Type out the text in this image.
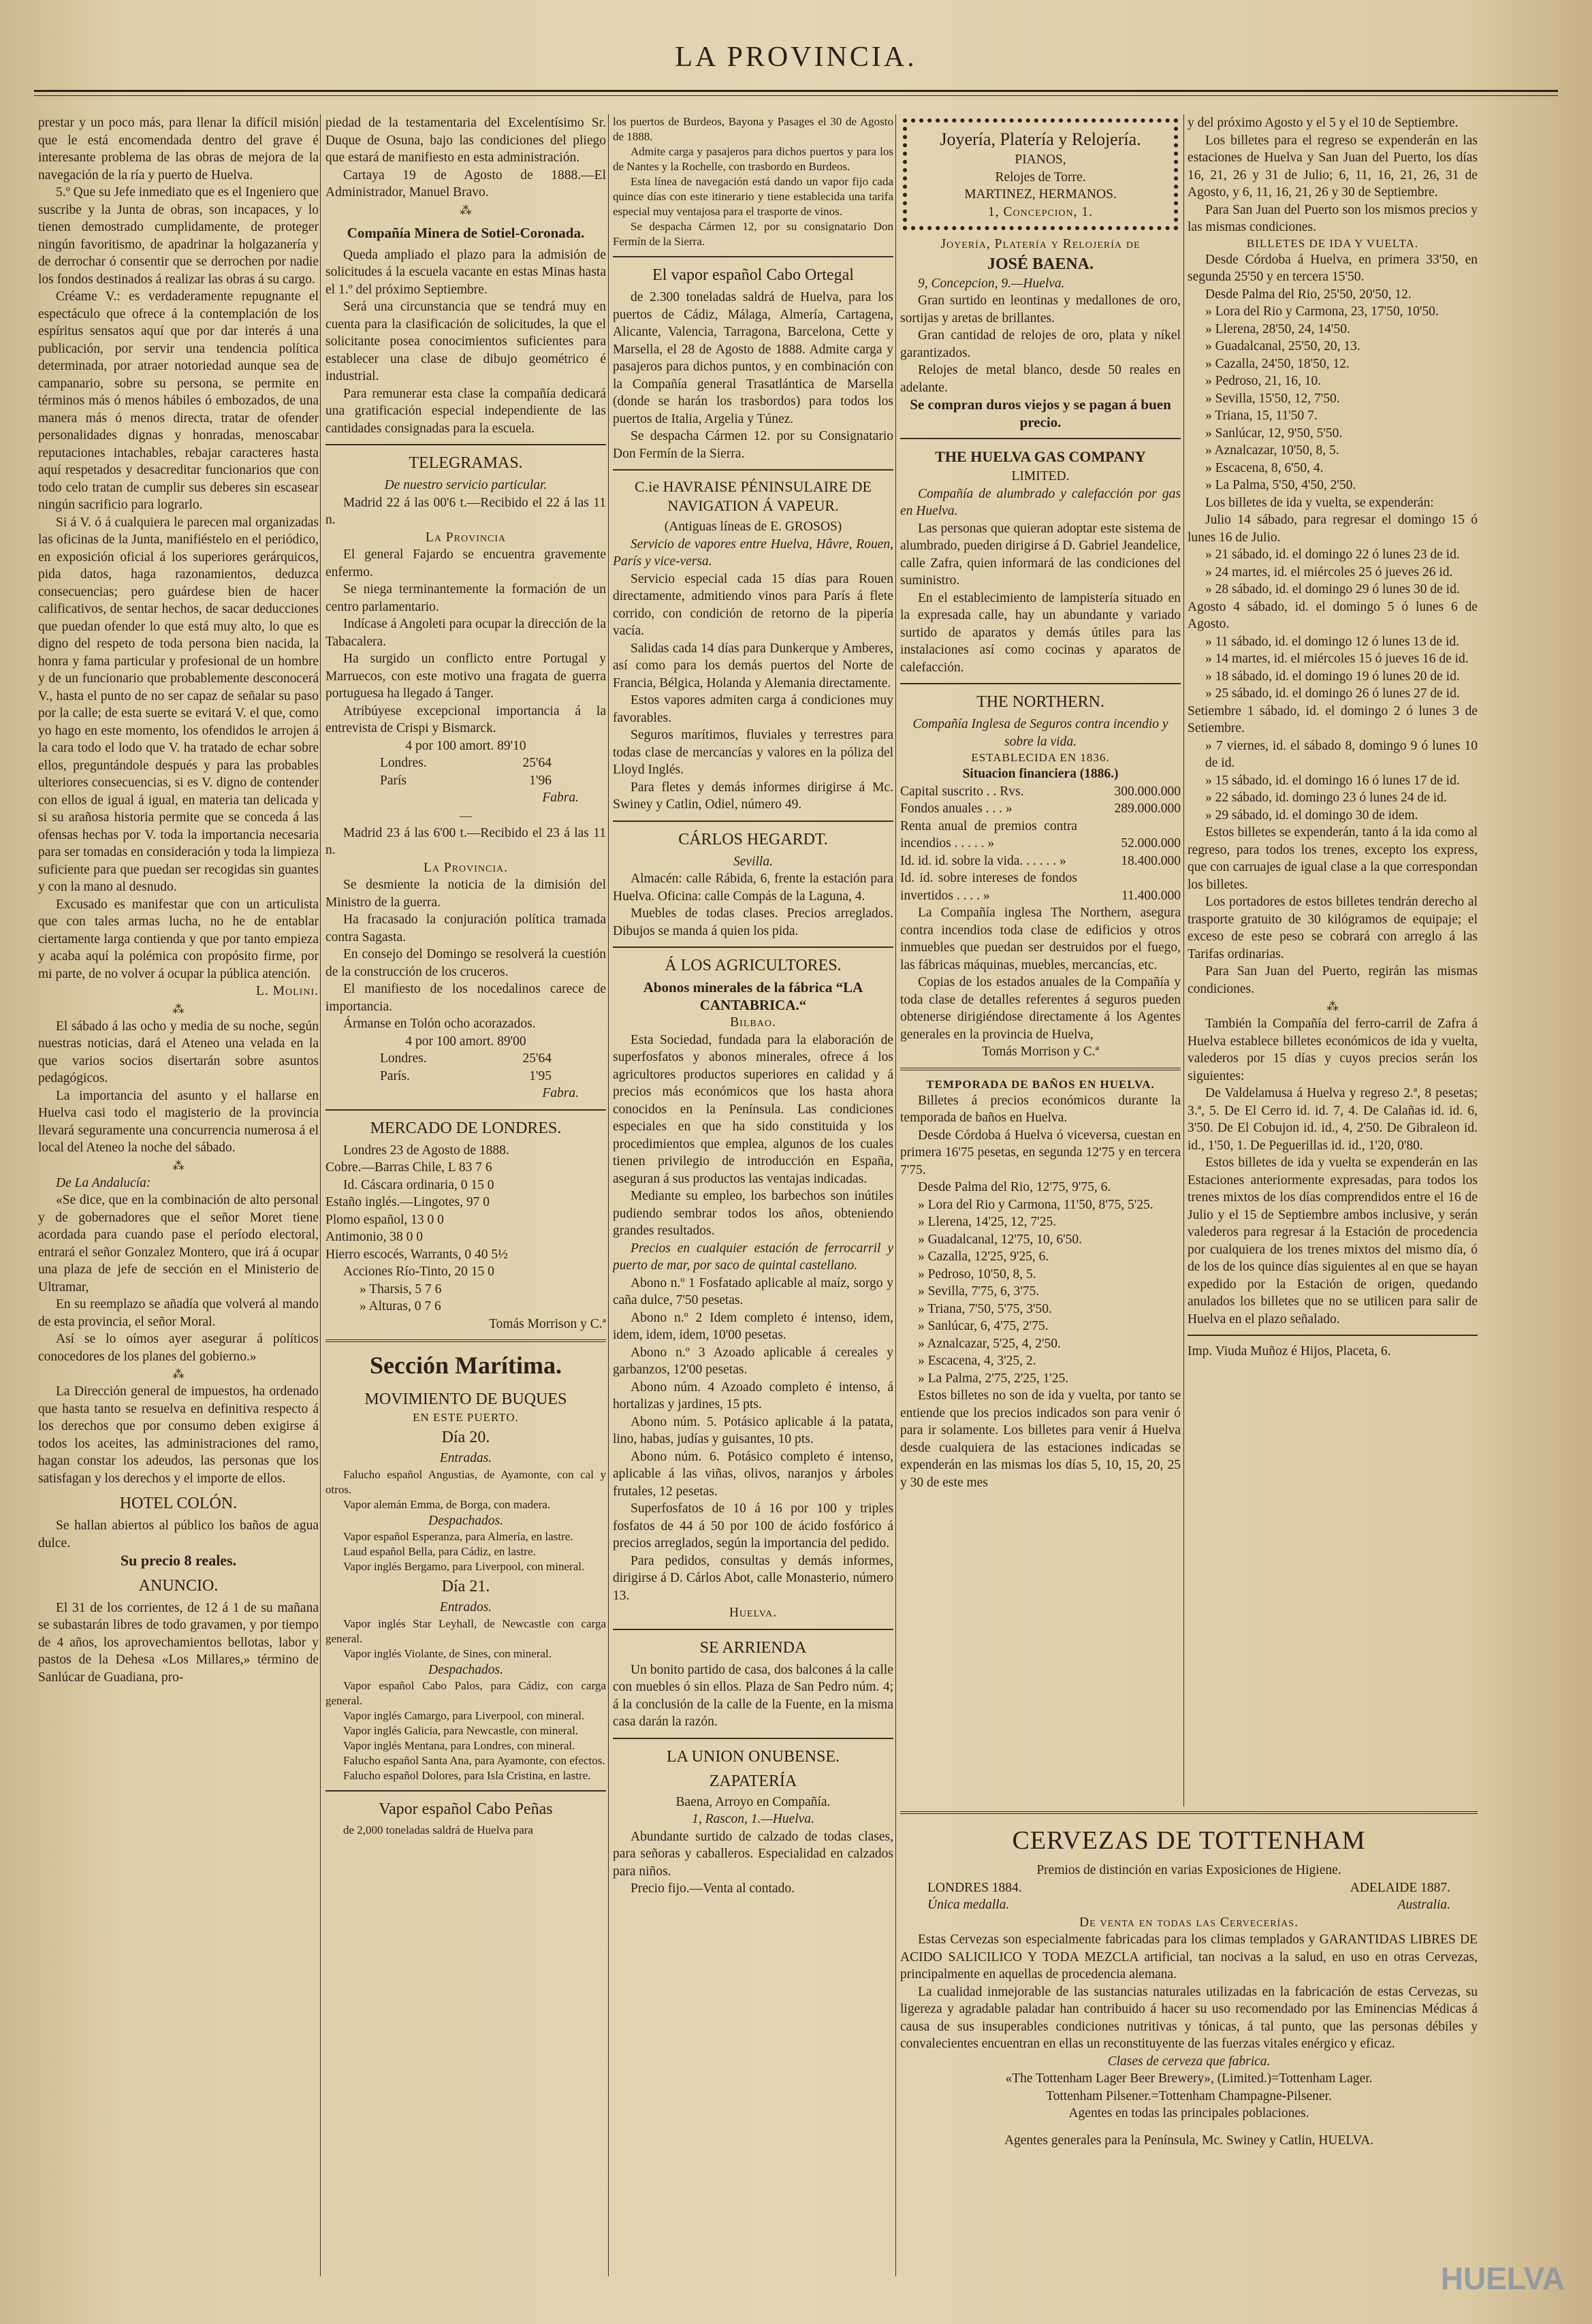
LA PROVINCIA.

prestar y un poco más, para llenar la difícil misión que le está encomendada dentro del grave é interesante problema de las obras de mejora de la navegación de la ría y puerto de Huelva.

5.º Que su Jefe inmediato que es el Ingeniero que suscribe y la Junta de obras, son incapaces, y lo tienen demostrado cumplidamente, de proteger ningún favoritismo, de apadrinar la holgazanería y de derrochar ó consentir que se derrochen por nadie los fondos destinados á realizar las obras á su cargo.

Créame V.: es verdaderamente repugnante el espectáculo que ofrece á la contemplación de los espíritus sensatos aquí que por dar interés á una publicación, por servir una tendencia política determinada, por atraer notoriedad aunque sea de campanario, sobre su persona, se permite en términos más ó menos hábiles ó embozados, de una manera más ó menos directa, tratar de ofender personalidades dignas y honradas, menoscabar reputaciones intachables, rebajar caracteres hasta aquí respetados y desacreditar funcionarios que con todo celo tratan de cumplir sus deberes sin escasear ningún sacrificio para lograrlo.

Si á V. ó á cualquiera le parecen mal organizadas las oficinas de la Junta, manifiéstelo en el periódico, en exposición oficial á los superiores gerárquicos, pida datos, haga razonamientos, deduzca consecuencias; pero guárdese bien de hacer calificativos, de sentar hechos, de sacar deducciones que puedan ofender lo que está muy alto, lo que es digno del respeto de toda persona bien nacida, la honra y fama particular y profesional de un hombre y de un funcionario que probablemente desconocerá V., hasta el punto de no ser capaz de señalar su paso por la calle; de esta suerte se evitará V. el que, como yo hago en este momento, los ofendidos le arrojen á la cara todo el lodo que V. ha tratado de echar sobre ellos, preguntándole después y para las probables ulteriores consecuencias, si es V. digno de contender con ellos de igual á igual, en materia tan delicada y si su arañosa historia permite que se conceda á las ofensas hechas por V. toda la importancia necesaria para ser tomadas en consideración y toda la limpieza suficiente para que puedan ser recogidas sin guantes y con la mano al desnudo.

Excusado es manifestar que con un articulista que con tales armas lucha, no he de entablar ciertamente larga contienda y que por tanto empieza y acaba aquí la polémica con propósito firme, por mi parte, de no volver á ocupar la pública atención.

L. Molini.
⁂

El sábado á las ocho y media de su noche, según nuestras noticias, dará el Ateneo una velada en la que varios socios disertarán sobre asuntos pedagógicos.

La importancia del asunto y el hallarse en Huelva casi todo el magisterio de la provincia llevará seguramente una concurrencia numerosa á el local del Ateneo la noche del sábado.

⁂

De La Andalucía:

«Se dice, que en la combinación de alto personal y de gobernadores que el señor Moret tiene acordada para cuando pase el período electoral, entrará el señor Gonzalez Montero, que irá á ocupar una plaza de jefe de sección en el Ministerio de Ultramar,

En su reemplazo se añadía que volverá al mando de esta provincia, el señor Moral.

Así se lo oímos ayer asegurar á políticos conocedores de los planes del gobierno.»

⁂

La Dirección general de impuestos, ha ordenado que hasta tanto se resuelva en definitiva respecto á los derechos que por consumo deben exigirse á todos los aceites, las administraciones del ramo, hagan constar los adeudos, las personas que los satisfagan y los derechos y el importe de ellos.

HOTEL COLÓN.

Se hallan abiertos al público los baños de agua dulce.

Su precio 8 reales.
ANUNCIO.

El 31 de los corrientes, de 12 á 1 de su mañana se subastarán libres de todo gravamen, y por tiempo de 4 años, los aprovechamientos bellotas, labor y pastos de la Dehesa «Los Millares,» término de Sanlúcar de Guadiana, pro-

piedad de la testamentaria del Excelentísimo Sr. Duque de Osuna, bajo las condiciones del pliego que estará de manifiesto en esta administración.

Cartaya 19 de Agosto de 1888.—El Administrador, Manuel Bravo.

⁂
Compañía Minera de Sotiel-Coronada.

Queda ampliado el plazo para la admisión de solicitudes á la escuela vacante en estas Minas hasta el 1.º del próximo Septiembre.

Será una circunstancia que se tendrá muy en cuenta para la clasificación de solicitudes, la que el solicitante posea conocimientos suficientes para establecer una clase de dibujo geométrico é industrial.

Para remunerar esta clase la compañía dedicará una gratificación especial independiente de las cantidades consignadas para la escuela.

TELEGRAMAS.
De nuestro servicio particular.

Madrid 22 á las 00'6 t.—Recibido el 22 á las 11 n.

La Provincia

El general Fajardo se encuentra gravemente enfermo.

Se niega terminantemente la formación de un centro parlamentario.

Indícase á Angoleti para ocupar la dirección de la Tabacalera.

Ha surgido un conflicto entre Portugal y Marruecos, con este motivo una fragata de guerra portuguesa ha llegado á Tanger.

Atribúyese excepcional importancia á la entrevista de Crispi y Bismarck.

4 por 100 amort. 89'10
Londres.	25'64
París	1'96
Fabra.
—

Madrid 23 á las 6'00 t.—Recibido el 23 á las 11 n.

La Provincia.

Se desmiente la noticia de la dimisión del Ministro de la guerra.

Ha fracasado la conjuración política tramada contra Sagasta.

En consejo del Domingo se resolverá la cuestión de la construcción de los cruceros.

El manifiesto de los nocedalinos carece de importancia.

Ármanse en Tolón ocho acorazados.

4 por 100 amort. 89'00
Londres.	25'64
París.	1'95
Fabra.
MERCADO DE LONDRES.

Londres 23 de Agosto de 1888.

Cobre.—Barras Chile, L 83 7 6
Id. Cáscara ordinaria, 0 15 0
Estaño inglés.—Lingotes, 97 0
Plomo español, 13 0 0
Antimonio, 38 0 0
Hierro escocés, Warrants, 0 40 5½
Acciones Río-Tinto, 20 15 0
» Tharsis, 5 7 6
» Alturas, 0 7 6
Tomás Morrison y C.ª
Sección Marítima.
MOVIMIENTO DE BUQUES
EN ESTE PUERTO.
Día 20.
Entradas.

Falucho español Angustias, de Ayamonte, con cal y otros.

Vapor alemán Emma, de Borga, con madera.

Despachados.

Vapor español Esperanza, para Almería, en lastre.

Laud español Bella, para Cádiz, en lastre.

Vapor inglés Bergamo, para Liverpool, con mineral.

Día 21.
Entrados.

Vapor inglés Star Leyhall, de Newcastle con carga general.

Vapor inglés Violante, de Sines, con mineral.

Despachados.

Vapor español Cabo Palos, para Cádiz, con carga general.

Vapor inglés Camargo, para Liverpool, con mineral.

Vapor inglés Galicia, para Newcastle, con mineral.

Vapor inglés Mentana, para Londres, con mineral.

Falucho español Santa Ana, para Ayamonte, con efectos.

Falucho español Dolores, para Isla Cristina, en lastre.

Vapor español Cabo Peñas

de 2,000 toneladas saldrá de Huelva para

los puertos de Burdeos, Bayona y Pasages el 30 de Agosto de 1888.

Admite carga y pasajeros para dichos puertos y para los de Nantes y la Rochelle, con trasbordo en Burdeos.

Esta línea de navegación está dando un vapor fijo cada quince días con este itinerario y tiene establecida una tarifa especial muy ventajosa para el trasporte de vinos.

Se despacha Cármen 12, por su consignatario Don Fermín de la Sierra.

El vapor español Cabo Ortegal

de 2.300 toneladas saldrá de Huelva, para los puertos de Cádiz, Málaga, Almería, Cartagena, Alicante, Valencia, Tarragona, Barcelona, Cette y Marsella, el 28 de Agosto de 1888. Admite carga y pasajeros para dichos puntos, y en combinación con la Compañía general Trasatlántica de Marsella (donde se harán los trasbordos) para todos los puertos de Italia, Argelia y Túnez.

Se despacha Cármen 12. por su Consignatario Don Fermín de la Sierra.

C.ie HAVRAISE PÉNINSULAIRE DE NAVIGATION Á VAPEUR.
(Antiguas líneas de E. GROSOS)

Servicio de vapores entre Huelva, Hâvre, Rouen, París y vice-versa.

Servicio especial cada 15 días para Rouen directamente, admitiendo vinos para París á flete corrido, con condición de retorno de la pipería vacía.

Salidas cada 14 días para Dunkerque y Amberes, así como para los demás puertos del Norte de Francia, Bélgica, Holanda y Alemania directamente.

Estos vapores admiten carga á condiciones muy favorables.

Seguros marítimos, fluviales y terrestres para todas clase de mercancías y valores en la póliza del Lloyd Inglés.

Para fletes y demás informes dirigirse á Mc. Swiney y Catlin, Odiel, número 49.

CÁRLOS HEGARDT.
Sevilla.

Almacén: calle Rábida, 6, frente la estación para Huelva. Oficina: calle Compás de la Laguna, 4.

Muebles de todas clases. Precios arreglados. Dibujos se manda á quien los pida.

Á LOS AGRICULTORES.
Abonos minerales de la fábrica “LA CANTABRICA.“
Bilbao.

Esta Sociedad, fundada para la elaboración de superfosfatos y abonos minerales, ofrece á los agricultores productos superiores en calidad y á precios más económicos que los hasta ahora conocidos en la Península. Las condiciones especiales en que ha sido constituida y los procedimientos que emplea, algunos de los cuales tienen privilegio de introducción en España, aseguran á sus productos las ventajas indicadas.

Mediante su empleo, los barbechos son inútiles pudiendo sembrar todos los años, obteniendo grandes resultados.

Precios en cualquier estación de ferrocarril y puerto de mar, por saco de quintal castellano.

Abono n.º 1 Fosfatado aplicable al maíz, sorgo y caña dulce, 7'50 pesetas.

Abono n.º 2 Idem completo é intenso, idem, idem, idem, idem, 10'00 pesetas.

Abono n.º 3 Azoado aplicable á cereales y garbanzos, 12'00 pesetas.

Abono núm. 4 Azoado completo é intenso, á hortalizas y jardines, 15 pts.

Abono núm. 5. Potásico aplicable á la patata, lino, habas, judías y guisantes, 10 pts.

Abono núm. 6. Potásico completo é intenso, aplicable á las viñas, olivos, naranjos y árboles frutales, 12 pesetas.

Superfosfatos de 10 á 16 por 100 y triples fosfatos de 44 á 50 por 100 de ácido fosfórico á precios arreglados, según la importancia del pedido.

Para pedidos, consultas y demás informes, dirigirse á D. Cárlos Abot, calle Monasterio, número 13.

Huelva.
SE ARRIENDA

Un bonito partido de casa, dos balcones á la calle con muebles ó sin ellos. Plaza de San Pedro núm. 4; á la conclusión de la calle de la Fuente, en la misma casa darán la razón.

LA UNION ONUBENSE.
ZAPATERÍA
Baena, Arroyo en Compañía.
1, Rascon, 1.—Huelva.

Abundante surtido de calzado de todas clases, para señoras y caballeros. Especialidad en calzados para niños.

Precio fijo.—Venta al contado.

Joyería, Platería y Relojería.
PIANOS,
Relojes de Torre.
MARTINEZ, HERMANOS.
1, Concepcion, 1.
Joyería, Platería y Relojería de
JOSÉ BAENA.

9, Concepcion, 9.—Huelva.

Gran surtido en leontinas y medallones de oro, sortijas y aretas de brillantes.

Gran cantidad de relojes de oro, plata y níkel garantizados.

Relojes de metal blanco, desde 50 reales en adelante.

Se compran duros viejos y se pagan á buen precio.
THE HUELVA GAS COMPANY
LIMITED.

Compañía de alumbrado y calefacción por gas en Huelva.

Las personas que quieran adoptar este sistema de alumbrado, pueden dirigirse á D. Gabriel Jeandelice, calle Zafra, quien informará de las condiciones del suministro.

En el establecimiento de lampistería situado en la expresada calle, hay un abundante y variado surtido de aparatos y demás útiles para las instalaciones así como cocinas y aparatos de calefacción.

THE NORTHERN.

Compañía Inglesa de Seguros contra incendio y sobre la vida.

ESTABLECIDA EN 1836.
Situacion financiera (1886.)
Capital suscrito . . Rvs.	300.000.000
Fondos anuales . . . »	289.000.000
Renta anual de premios contra incendios . . . . . »	52.000.000
Id. id. id. sobre la vida. . . . . . »	18.400.000
Id. id. sobre intereses de fondos invertidos . . . . »	11.400.000

La Compañía inglesa The Northern, asegura contra incendios toda clase de edificios y otros inmuebles que puedan ser destruidos por el fuego, las fábricas máquinas, muebles, mercancías, etc.

Copias de los estados anuales de la Compañía y toda clase de detalles referentes á seguros pueden obtenerse dirigiéndose directamente á los Agentes generales en la provincia de Huelva,

Tomás Morrison y C.ª
TEMPORADA DE BAÑOS EN HUELVA.

Billetes á precios económicos durante la temporada de baños en Huelva.

Desde Córdoba á Huelva ó viceversa, cuestan en primera 16'75 pesetas, en segunda 12'75 y en tercera 7'75.

Desde Palma del Rio, 12'75, 9'75, 6.

» Lora del Rio y Carmona, 11'50, 8'75, 5'25.
» Llerena, 14'25, 12, 7'25.
» Guadalcanal, 12'75, 10, 6'50.
» Cazalla, 12'25, 9'25, 6.
» Pedroso, 10'50, 8, 5.
» Sevilla, 7'75, 6, 3'75.
» Triana, 7'50, 5'75, 3'50.
» Sanlúcar, 6, 4'75, 2'75.
» Aznalcazar, 5'25, 4, 2'50.
» Escacena, 4, 3'25, 2.
» La Palma, 2'75, 2'25, 1'25.

Estos billetes no son de ida y vuelta, por tanto se entiende que los precios indicados son para venir ó para ir solamente. Los billetes para venir á Huelva desde cualquiera de las estaciones indicadas se expenderán en las mismas los días 5, 10, 15, 20, 25 y 30 de este mes

y del próximo Agosto y el 5 y el 10 de Septiembre.

Los billetes para el regreso se expenderán en las estaciones de Huelva y San Juan del Puerto, los días 16, 21, 26 y 31 de Julio; 6, 11, 16, 21, 26, 31 de Agosto, y 6, 11, 16, 21, 26 y 30 de Septiembre.

Para San Juan del Puerto son los mismos precios y las mismas condiciones.

BILLETES DE IDA Y VUELTA.

Desde Córdoba á Huelva, en primera 33'50, en segunda 25'50 y en tercera 15'50.

Desde Palma del Rio, 25'50, 20'50, 12.

» Lora del Rio y Carmona, 23, 17'50, 10'50.
» Llerena, 28'50, 24, 14'50.
» Guadalcanal, 25'50, 20, 13.
» Cazalla, 24'50, 18'50, 12.
» Pedroso, 21, 16, 10.
» Sevilla, 15'50, 12, 7'50.
» Triana, 15, 11'50 7.
» Sanlúcar, 12, 9'50, 5'50.
» Aznalcazar, 10'50, 8, 5.
» Escacena, 8, 6'50, 4.
» La Palma, 5'50, 4'50, 2'50.

Los billetes de ida y vuelta, se expenderán:

Julio 14 sábado, para regresar el domingo 15 ó lunes 16 de Julio.

» 21 sábado, id. el domingo 22 ó lunes 23 de id.
» 24 martes, id. el miércoles 25 ó jueves 26 id.
» 28 sábado, id. el domingo 29 ó lunes 30 de id.
Agosto 4 sábado, id. el domingo 5 ó lunes 6 de Agosto.
» 11 sábado, id. el domingo 12 ó lunes 13 de id.
» 14 martes, id. el miércoles 15 ó jueves 16 de id.
» 18 sábado, id. el domingo 19 ó lunes 20 de id.
» 25 sábado, id. el domingo 26 ó lunes 27 de id.
Setiembre 1 sábado, id. el domingo 2 ó lunes 3 de Setiembre.
» 7 viernes, id. el sábado 8, domingo 9 ó lunes 10 de id.
» 15 sábado, id. el domingo 16 ó lunes 17 de id.
» 22 sábado, id. domingo 23 ó lunes 24 de id.
» 29 sábado, id. el domingo 30 de idem.

Estos billetes se expenderán, tanto á la ida como al regreso, para todos los trenes, excepto los express, que con carruajes de igual clase a la que correspondan los billetes.

Los portadores de estos billetes tendrán derecho al trasporte gratuito de 30 kilógramos de equipaje; el exceso de este peso se cobrará con arreglo á las Tarifas ordinarias.

Para San Juan del Puerto, regirán las mismas condiciones.

⁂

También la Compañía del ferro-carril de Zafra á Huelva establece billetes económicos de ida y vuelta, valederos por 15 días y cuyos precios serán los siguientes:

De Valdelamusa á Huelva y regreso 2.ª, 8 pesetas; 3.ª, 5. De El Cerro id. id. 7, 4. De Calañas id. id. 6, 3'50. De El Cobujon id. id., 4, 2'50. De Gibraleon id. id., 1'50, 1. De Peguerillas id. id., 1'20, 0'80.

Estos billetes de ida y vuelta se expenderán en las Estaciones anteriormente expresadas, para todos los trenes mixtos de los días comprendidos entre el 16 de Julio y el 15 de Septiembre ambos inclusive, y serán valederos para regresar á la Estación de procedencia por cualquiera de los trenes mixtos del mismo día, ó de los de los quince días siguientes al en que se hayan expedido por la Estación de origen, quedando anulados los billetes que no se utilicen para salir de Huelva en el plazo señalado.

Imp. Viuda Muñoz é Hijos, Placeta, 6.
CERVEZAS DE TOTTENHAM
Premios de distinción en varias Exposiciones de Higiene.
LONDRES 1884.	ADELAIDE 1887.
Única medalla.	Australia.
De venta en todas las Cervecerías.

Estas Cervezas son especialmente fabricadas para los climas templados y GARANTIDAS LIBRES DE ACIDO SALICILICO Y TODA MEZCLA artificial, tan nocivas a la salud, en uso en otras Cervezas, principalmente en aquellas de procedencia alemana.

La cualidad inmejorable de las sustancias naturales utilizadas en la fabricación de estas Cervezas, su ligereza y agradable paladar han contribuido á hacer su uso recomendado por las Eminencias Médicas á causa de sus insuperables condiciones nutritivas y tónicas, á tal punto, que las personas débiles y convalecientes encuentran en ellas un reconstituyente de las fuerzas vitales enérgico y eficaz.

Clases de cerveza que fabrica.
«The Tottenham Lager Beer Brewery», (Limited.)=Tottenham Lager.
Tottenham Pilsener.=Tottenham Champagne-Pilsener.
Agentes en todas las principales poblaciones.
Agentes generales para la Península, Mc. Swiney y Catlin, HUELVA.
HUELVA
